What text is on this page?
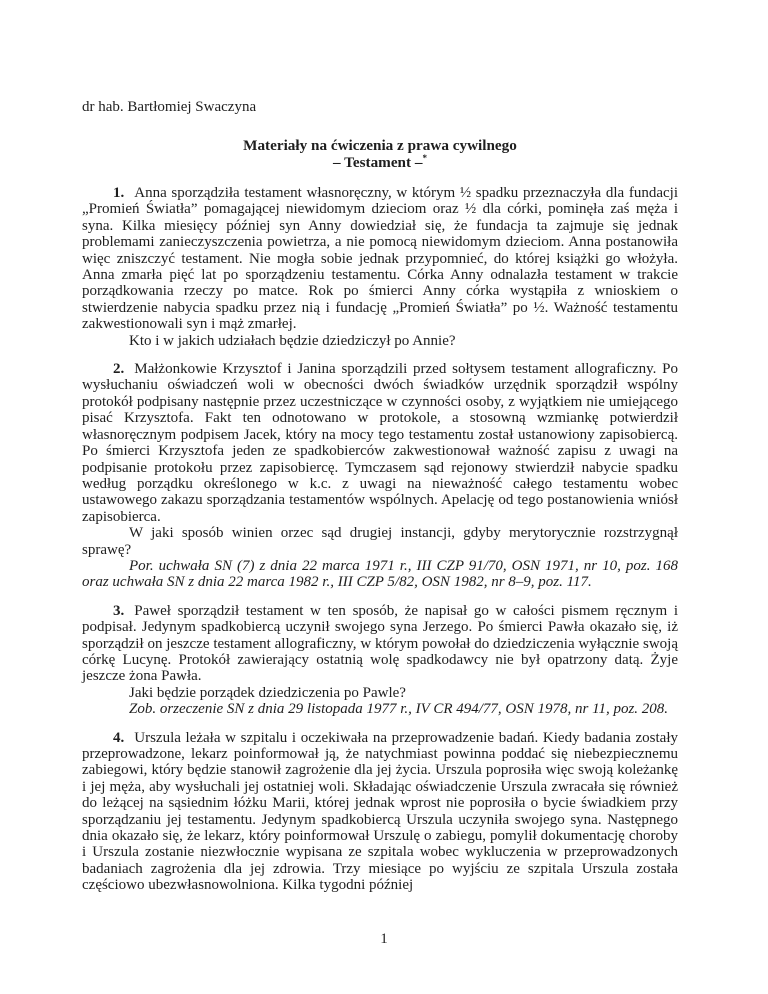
dr hab. Bartłomiej Swaczyna
Materiały na ćwiczenia z prawa cywilnego
– Testament –*

1. Anna sporządziła testament własnoręczny, w którym ½ spadku przeznaczyła dla fundacji „Promień Światła” pomagającej niewidomym dzieciom oraz ½ dla córki, pominęła zaś męża i syna. Kilka miesięcy później syn Anny dowiedział się, że fundacja ta zajmuje się jednak problemami zanieczyszczenia powietrza, a nie pomocą niewidomym dzieciom. Anna postanowiła więc zniszczyć testament. Nie mogła sobie jednak przypomnieć, do której książki go włożyła. Anna zmarła pięć lat po sporządzeniu testamentu. Córka Anny odnalazła testament w trakcie porządkowania rzeczy po matce. Rok po śmierci Anny córka wystąpiła z wnioskiem o stwierdzenie nabycia spadku przez nią i fundację „Promień Światła” po ½. Ważność testamentu zakwestionowali syn i mąż zmarłej.

Kto i w jakich udziałach będzie dziedziczył po Annie?

2. Małżonkowie Krzysztof i Janina sporządzili przed sołtysem testament allograficzny. Po wysłuchaniu oświadczeń woli w obecności dwóch świadków urzędnik sporządził wspólny protokół podpisany następnie przez uczestniczące w czynności osoby, z wyjątkiem nie umiejącego pisać Krzysztofa. Fakt ten odnotowano w protokole, a stosowną wzmiankę potwierdził własnoręcznym podpisem Jacek, który na mocy tego testamentu został ustanowiony zapisobiercą. Po śmierci Krzysztofa jeden ze spadkobierców zakwestionował ważność zapisu z uwagi na podpisanie protokołu przez zapisobiercę. Tymczasem sąd rejonowy stwierdził nabycie spadku według porządku określonego w k.c. z uwagi na nieważność całego testamentu wobec ustawowego zakazu sporządzania testamentów wspólnych. Apelację od tego postanowienia wniósł zapisobierca.

W jaki sposób winien orzec sąd drugiej instancji, gdyby merytorycznie rozstrzygnął sprawę?

Por. uchwała SN (7) z dnia 22 marca 1971 r., III CZP 91/70, OSN 1971, nr 10, poz. 168 oraz uchwała SN z dnia 22 marca 1982 r., III CZP 5/82, OSN 1982, nr 8–9, poz. 117.

3. Paweł sporządził testament w ten sposób, że napisał go w całości pismem ręcznym i podpisał. Jedynym spadkobiercą uczynił swojego syna Jerzego. Po śmierci Pawła okazało się, iż sporządził on jeszcze testament allograficzny, w którym powołał do dziedziczenia wyłącznie swoją córkę Lucynę. Protokół zawierający ostatnią wolę spadkodawcy nie był opatrzony datą. Żyje jeszcze żona Pawła.

Jaki będzie porządek dziedziczenia po Pawle?

Zob. orzeczenie SN z dnia 29 listopada 1977 r., IV CR 494/77, OSN 1978, nr 11, poz. 208.

4. Urszula leżała w szpitalu i oczekiwała na przeprowadzenie badań. Kiedy badania zostały przeprowadzone, lekarz poinformował ją, że natychmiast powinna poddać się niebezpiecznemu zabiegowi, który będzie stanowił zagrożenie dla jej życia. Urszula poprosiła więc swoją koleżankę i jej męża, aby wysłuchali jej ostatniej woli. Składając oświadczenie Urszula zwracała się również do leżącej na sąsiednim łóżku Marii, której jednak wprost nie poprosiła o bycie świadkiem przy sporządzaniu jej testamentu. Jedynym spadkobiercą Urszula uczyniła swojego syna. Następnego dnia okazało się, że lekarz, który poinformował Urszulę o zabiegu, pomylił dokumentację choroby i Urszula zostanie niezwłocznie wypisana ze szpitala wobec wykluczenia w przeprowadzonych badaniach zagrożenia dla jej zdrowia. Trzy miesiące po wyjściu ze szpitala Urszula została częściowo ubezwłasnowolniona. Kilka tygodni później

1
